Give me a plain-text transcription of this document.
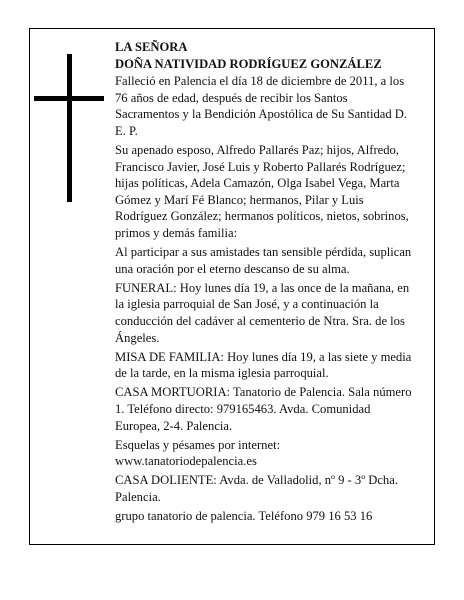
LA SEÑORA

DOÑA NATIVIDAD RODRÍGUEZ GONZÁLEZ

Falleció en Palencia el día 18 de diciembre de 2011, a los 76 años de edad, después de recibir los Santos Sacramentos y la Bendición Apostólica de Su Santidad D. E. P.

Su apenado esposo, Alfredo Pallarés Paz; hijos, Alfredo, Francisco Javier, José Luis y Roberto Pallarés Rodríguez; hijas políticas, Adela Camazón, Olga Isabel Vega, Marta Gómez y Marí Fé Blanco; hermanos, Pilar y Luis Rodríguez González; hermanos políticos, nietos, sobrinos, primos y demás familia:

Al participar a sus amistades tan sensible pérdida, suplican una oración por el eterno descanso de su alma.

FUNERAL: Hoy lunes día 19, a las once de la mañana, en la iglesia parroquial de San José, y a continuación la conducción del cadáver al cementerio de Ntra. Sra. de los Ángeles.

MISA DE FAMILIA: Hoy lunes día 19, a las siete y media de la tarde, en la misma iglesia parroquial.

CASA MORTUORIA: Tanatorio de Palencia. Sala número 1. Teléfono directo: 979165463. Avda. Comunidad Europea, 2-4. Palencia.

Esquelas y pésames por internet: www.tanatoriodepalencia.es

CASA DOLIENTE: Avda. de Valladolid, nº 9 - 3º Dcha. Palencia.

grupo tanatorio de palencia. Teléfono 979 16 53 16
